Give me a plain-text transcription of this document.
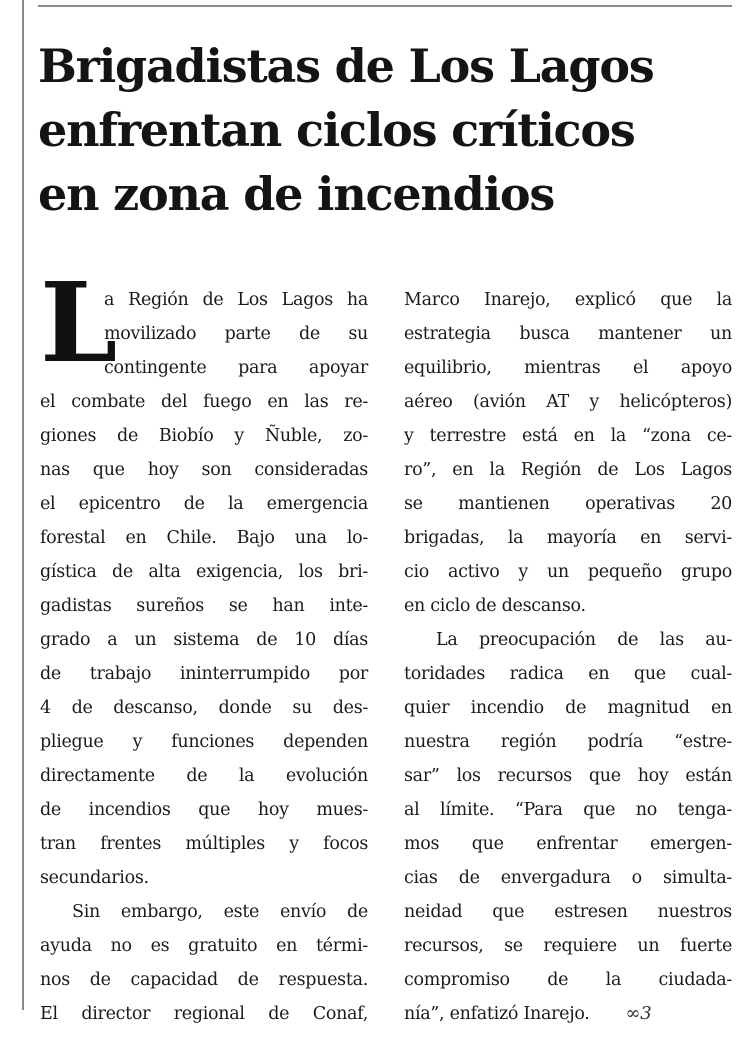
Brigadistas de Los Lagos
enfrentan ciclos críticos
en zona de incendios
L
a Región de Los Lagos ha
movilizado parte de su
contingente para apoyar
el combate del fuego en las re-
giones de Biobío y Ñuble, zo-
nas que hoy son consideradas
el epicentro de la emergencia
forestal en Chile. Bajo una lo-
gística de alta exigencia, los bri-
gadistas sureños se han inte-
grado a un sistema de 10 días
de trabajo ininterrumpido por
4 de descanso, donde su des-
pliegue y funciones dependen
directamente de la evolución
de incendios que hoy mues-
tran frentes múltiples y focos
secundarios.
Sin embargo, este envío de
ayuda no es gratuito en térmi-
nos de capacidad de respuesta.
El director regional de Conaf,
Marco Inarejo, explicó que la
estrategia busca mantener un
equilibrio, mientras el apoyo
aéreo (avión AT y helicópteros)
y terrestre está en la “zona ce-
ro”, en la Región de Los Lagos
se mantienen operativas 20
brigadas, la mayoría en servi-
cio activo y un pequeño grupo
en ciclo de descanso.
La preocupación de las au-
toridades radica en que cual-
quier incendio de magnitud en
nuestra región podría “estre-
sar” los recursos que hoy están
al límite. “Para que no tenga-
mos que enfrentar emergen-
cias de envergadura o simulta-
neidad que estresen nuestros
recursos, se requiere un fuerte
compromiso de la ciudada-
nía”, enfatizó Inarejo. ∞3
